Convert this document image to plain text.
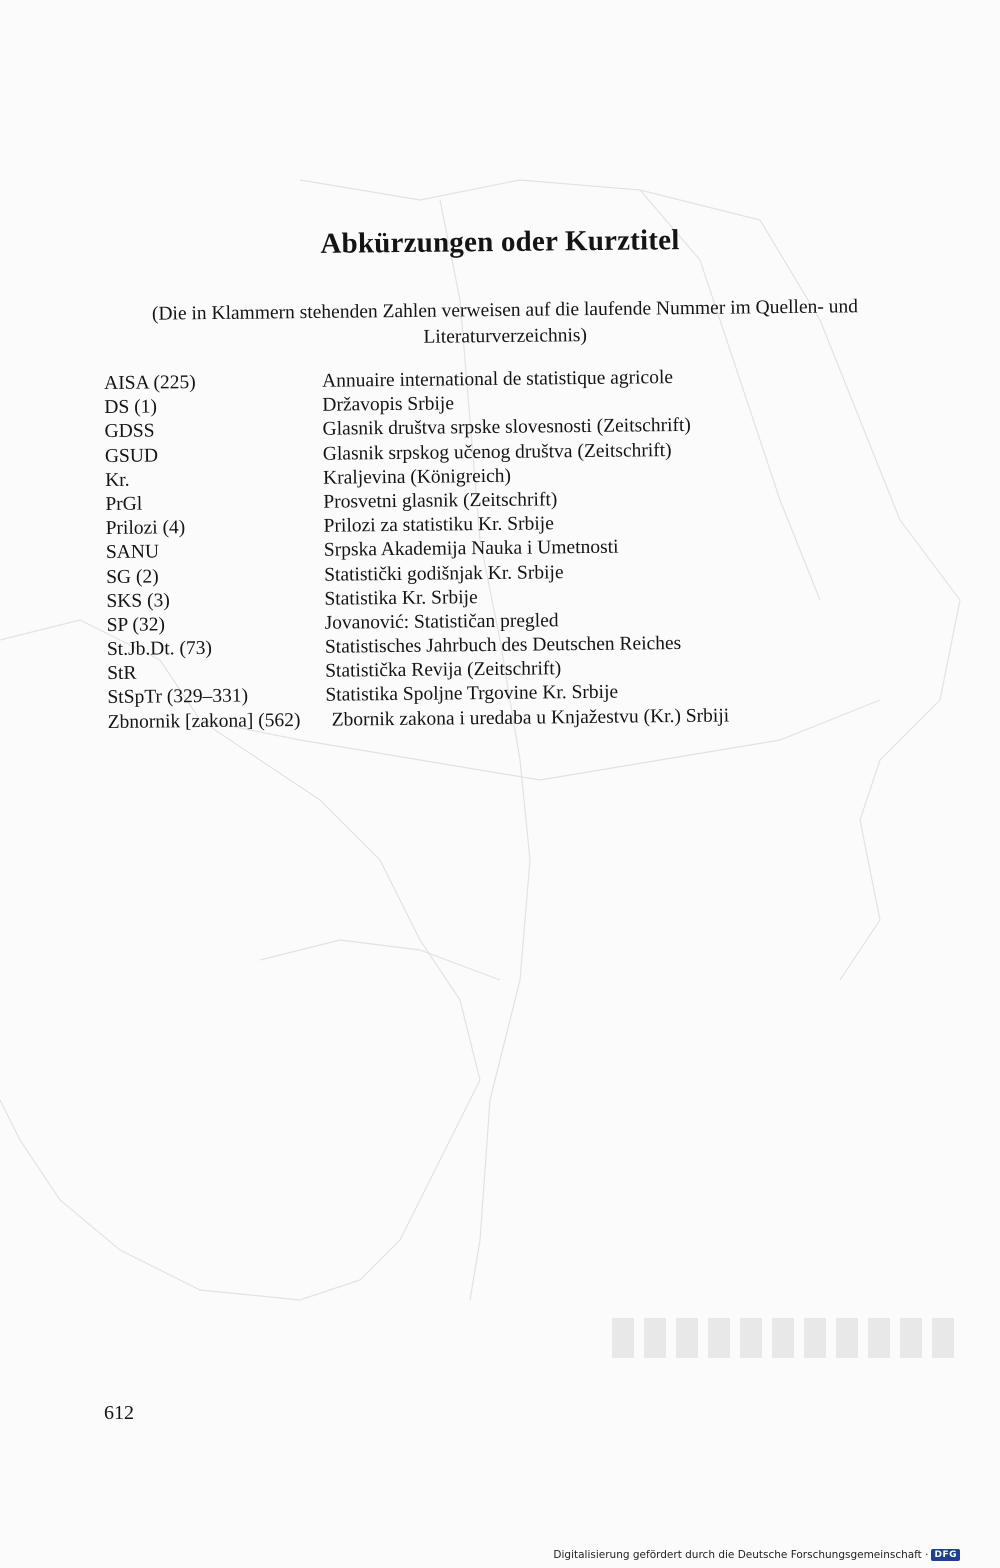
Abkürzungen oder Kurztitel
(Die in Klammern stehenden Zahlen verweisen auf die laufende Nummer im Quellen- und
Literaturverzeichnis)
AISA (225)	Annuaire international de statistique agricole
DS (1)	Državopis Srbije
GDSS	Glasnik društva srpske slovesnosti (Zeitschrift)
GSUD	Glasnik srpskog učenog društva (Zeitschrift)
Kr.	Kraljevina (Königreich)
PrGl	Prosvetni glasnik (Zeitschrift)
Prilozi (4)	Prilozi za statistiku Kr. Srbije
SANU	Srpska Akademija Nauka i Umetnosti
SG (2)	Statistički godišnjak Kr. Srbije
SKS (3)	Statistika Kr. Srbije
SP (32)	Jovanović: Statističan pregled
St.Jb.Dt. (73)	Statistisches Jahrbuch des Deutschen Reiches
StR	Statistička Revija (Zeitschrift)
StSpTr (329–331)	Statistika Spoljne Trgovine Kr. Srbije
Zbnornik [zakona] (562) Zbornik zakona i uredaba u Knjažestvu (Kr.) Srbiji
612
Digitalisierung gefördert durch die Deutsche Forschungsgemeinschaft · DFG
